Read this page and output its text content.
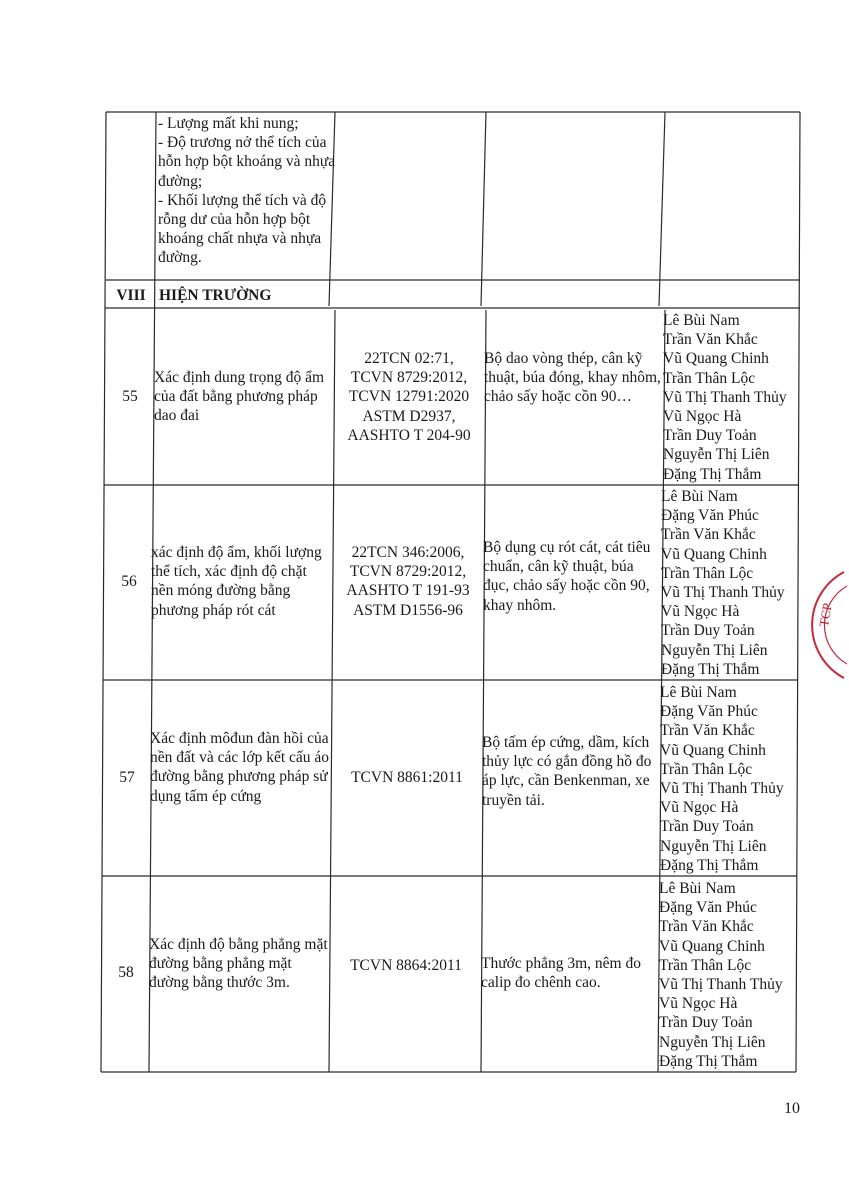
- Lượng mất khi nung;
- Độ trương nở thể tích của hỗn hợp bột khoáng và nhựa đường;
- Khối lượng thể tích và độ rỗng dư của hỗn hợp bột khoáng chất nhựa và nhựa đường.
VIII HIỆN TRƯỜNG
55
Xác định dung trọng độ ẩm của đất bằng phương pháp dao đai
22TCN 02:71,
TCVN 8729:2012,
TCVN 12791:2020
ASTM D2937,
AASHTO T 204-90
Bộ dao vòng thép, cân kỹ thuật, búa đóng, khay nhôm, chảo sấy hoặc cồn 90…
Lê Bùi Nam
Trần Văn Khắc
Vũ Quang Chinh
Trần Thân Lộc
Vũ Thị Thanh Thủy
Vũ Ngọc Hà
Trần Duy Toản
Nguyễn Thị Liên
Đặng Thị Thắm
56
xác định độ ẩm, khối lượng thể tích, xác định độ chặt nền móng đường bằng phương pháp rót cát
22TCN 346:2006,
TCVN 8729:2012,
AASHTO T 191-93
ASTM D1556-96
Bộ dụng cụ rót cát, cát tiêu chuẩn, cân kỹ thuật, búa đục, chảo sấy hoặc cồn 90, khay nhôm.
Lê Bùi Nam
Đặng Văn Phúc
Trần Văn Khắc
Vũ Quang Chinh
Trần Thân Lộc
Vũ Thị Thanh Thủy
Vũ Ngọc Hà
Trần Duy Toản
Nguyễn Thị Liên
Đặng Thị Thắm
57
Xác định môđun đàn hồi của nền đất và các lớp kết cấu áo đường bằng phương pháp sử dụng tấm ép cứng
TCVN 8861:2011
Bộ tấm ép cứng, dầm, kích thủy lực có gắn đồng hồ đo áp lực, cần Benkenman, xe truyền tải.
Lê Bùi Nam
Đặng Văn Phúc
Trần Văn Khắc
Vũ Quang Chinh
Trần Thân Lộc
Vũ Thị Thanh Thủy
Vũ Ngọc Hà
Trần Duy Toản
Nguyễn Thị Liên
Đặng Thị Thắm
58
Xác định độ bằng phẳng mặt đường bằng phẳng mặt đường bằng thước 3m.
TCVN 8864:2011	Thước phẳng 3m, nêm đo calip đo chênh cao.
Lê Bùi Nam
Đặng Văn Phúc
Trần Văn Khắc
Vũ Quang Chinh
Trần Thân Lộc
Vũ Thị Thanh Thủy
Vũ Ngọc Hà
Trần Duy Toản
Nguyễn Thị Liên
Đặng Thị Thắm
TCP
10
